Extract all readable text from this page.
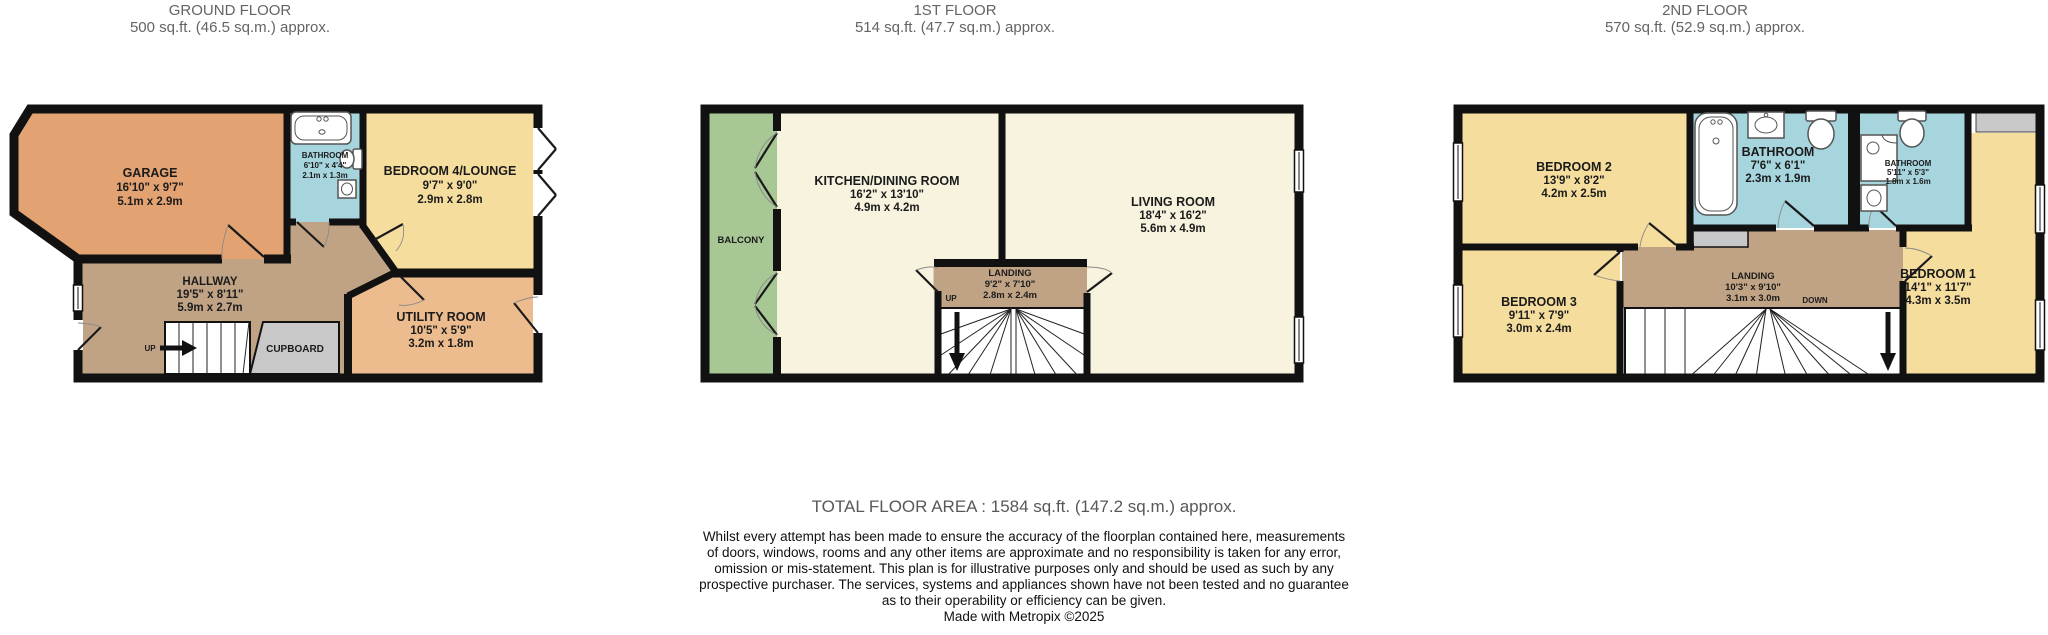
GROUND FLOOR
500 sq.ft. (46.5 sq.m.) approx.
1ST FLOOR
514 sq.ft. (47.7 sq.m.) approx.
2ND FLOOR
570 sq.ft. (52.9 sq.m.) approx.
GARAGE
16'10" x 9'7"
5.1m x 2.9m
BATHROOM
6'10" x 4'4"
2.1m x 1.3m	BEDROOM 4/LOUNGE
9'7" x 9'0"
2.9m x 2.8m
HALLWAY
19'5" x 8'11"
5.9m x 2.7m
CUPBOARD
UTILITY ROOM
10'5" x 5'9"
3.2m x 1.8m
UP
BALCONY
KITCHEN/DINING ROOM
16'2" x 13'10"
4.9m x 4.2m	LIVING ROOM
18'4" x 16'2"
5.6m x 4.9m
LANDING
9'2" x 7'10"
2.8m x 2.4m
UP
BEDROOM 2
13'9" x 8'2"
4.2m x 2.5m
BATHROOM
7'6" x 6'1"
2.3m x 1.9m
BATHROOM
5'11" x 5'3"
1.8m x 1.6m
BEDROOM 3
9'11" x 7'9"
3.0m x 2.4m
LANDING
10'3" x 9'10"
3.1m x 3.0m
BEDROOM 1
14'1" x 11'7"
4.3m x 3.5m
DOWN
TOTAL FLOOR AREA : 1584 sq.ft. (147.2 sq.m.) approx.
Whilst every attempt has been made to ensure the accuracy of the floorplan contained here, measurements
of doors, windows, rooms and any other items are approximate and no responsibility is taken for any error,
omission or mis-statement. This plan is for illustrative purposes only and should be used as such by any
prospective purchaser. The services, systems and appliances shown have not been tested and no guarantee
as to their operability or efficiency can be given.
Made with Metropix ©2025
